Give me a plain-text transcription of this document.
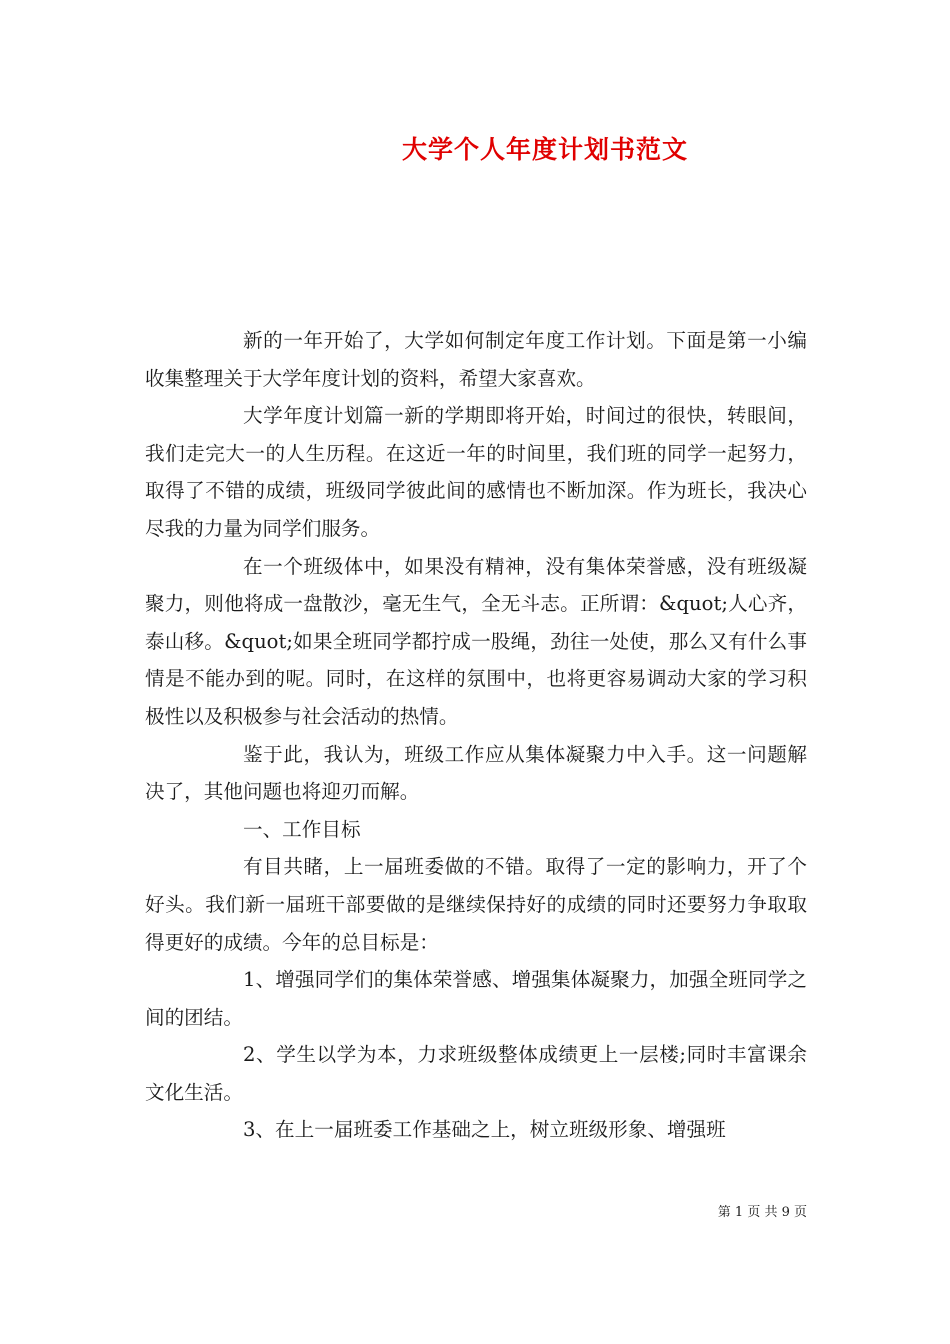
大学个人年度计划书范文

新的一年开始了，大学如何制定年度工作计划。下面是第一小编收集整理关于大学年度计划的资料，希望大家喜欢。

大学年度计划篇一新的学期即将开始，时间过的很快，转眼间，我们走完大一的人生历程。在这近一年的时间里，我们班的同学一起努力，取得了不错的成绩，班级同学彼此间的感情也不断加深。作为班长，我决心尽我的力量为同学们服务。

在一个班级体中，如果没有精神，没有集体荣誉感，没有班级凝聚力，则他将成一盘散沙，毫无生气，全无斗志。正所谓：&quot;人心齐，泰山移。&quot;如果全班同学都拧成一股绳，劲往一处使，那么又有什么事情是不能办到的呢。同时，在这样的氛围中，也将更容易调动大家的学习积极性以及积极参与社会活动的热情。

鉴于此，我认为，班级工作应从集体凝聚力中入手。这一问题解决了，其他问题也将迎刃而解。

一、工作目标

有目共睹，上一届班委做的不错。取得了一定的影响力，开了个好头。我们新一届班干部要做的是继续保持好的成绩的同时还要努力争取取得更好的成绩。今年的总目标是：

1、增强同学们的集体荣誉感、增强集体凝聚力，加强全班同学之间的团结。

2、学生以学为本，力求班级整体成绩更上一层楼;同时丰富课余文化生活。

3、在上一届班委工作基础之上，树立班级形象、增强班

第 1 页 共 9 页
